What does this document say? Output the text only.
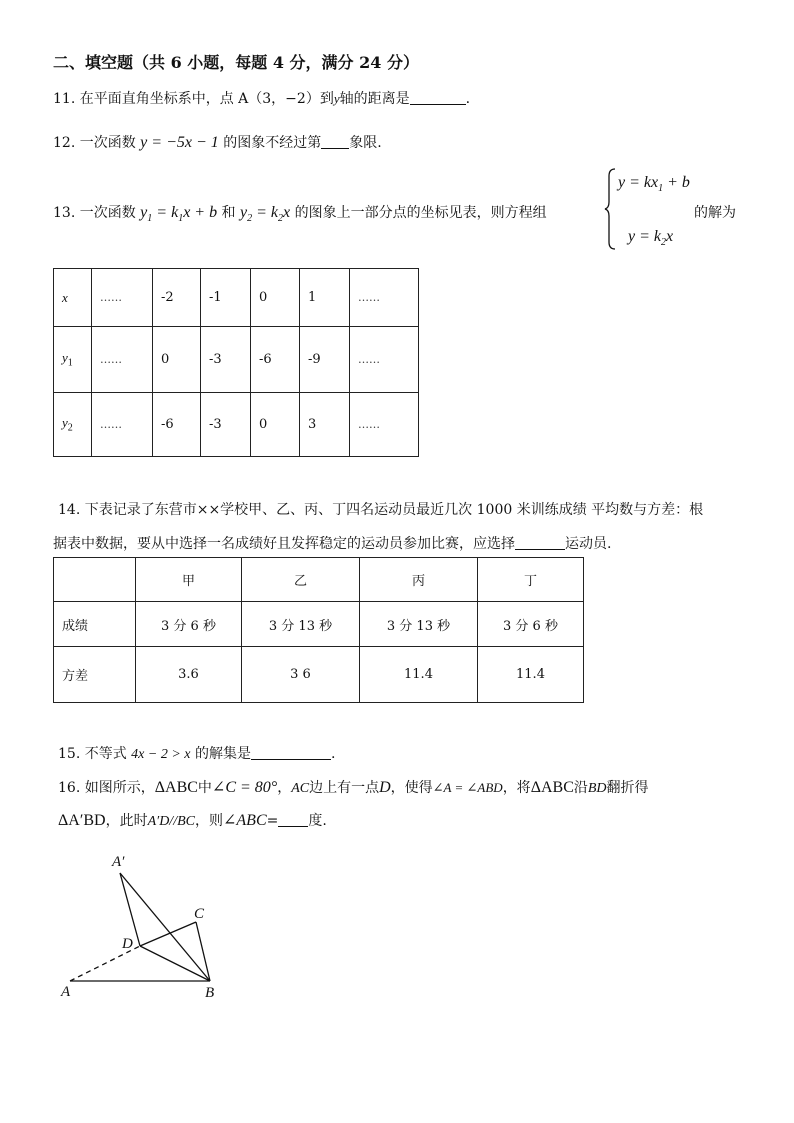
二、填空题（共 6 小题，每题 4 分，满分 24 分）
11. 在平面直角坐标系中，点 A（3，−2）到y轴的距离是	.
12. 一次函数 y = −5x − 1 的图象不经过第 象限.
13. 一次函数 $y_1 = k_1x + b$ 和 $y_2 = k_2x$ 的图象上一部分点的坐标见表，则方程组
$y = kx_1 + b$
$y = k_2x$
的解为
x	……	-2	-1	0	1	……
$y_1$	……	0	-3	-6	-9	……
$y_2$	……	-6	-3	0	3	……
14. 下表记录了东营市××学校甲、乙、丙、丁四名运动员最近几次 1000 米训练成绩 平均数与方差：根
据表中数据，要从中选择一名成绩好且发挥稳定的运动员参加比赛，应选择	运动员.
	甲	乙	丙	丁
成绩	3 分 6 秒	3 分 13 秒	3 分 13 秒	3 分 6 秒
方差	3.6	3 6	11.4	11.4
15. 不等式 4x − 2 > x 的解集是	.
16. 如图所示，ΔABC中∠C = 80°，AC边上有一点D，使得∠A = ∠ABD，将ΔABC沿BD翻折得
ΔA′BD，此时A′D//BC，则∠ABC= 度.
A′
C
D
A	B
